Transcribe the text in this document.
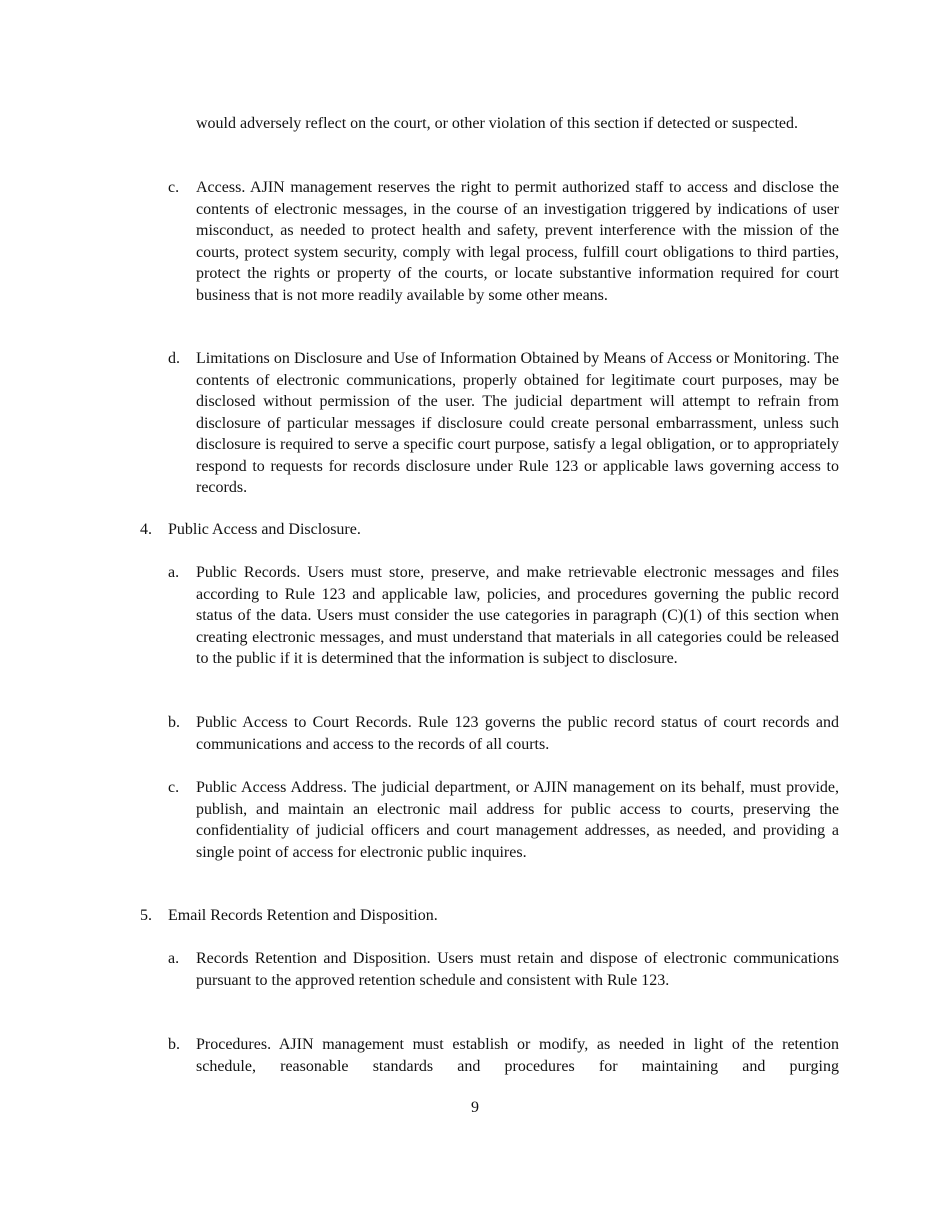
would adversely reflect on the court, or other violation of this section if detected or suspected.

c. Access. AJIN management reserves the right to permit authorized staff to access and disclose the contents of electronic messages, in the course of an investigation triggered by indications of user misconduct, as needed to protect health and safety, prevent interference with the mission of the courts, protect system security, comply with legal process, fulfill court obligations to third parties, protect the rights or property of the courts, or locate substantive information required for court business that is not more readily available by some other means.
d. Limitations on Disclosure and Use of Information Obtained by Means of Access or Monitoring. The contents of electronic communications, properly obtained for legitimate court purposes, may be disclosed without permission of the user. The judicial department will attempt to refrain from disclosure of particular messages if disclosure could create personal embarrassment, unless such disclosure is required to serve a specific court purpose, satisfy a legal obligation, or to appropriately respond to requests for records disclosure under Rule 123 or applicable laws governing access to records.
4. Public Access and Disclosure.
a. Public Records. Users must store, preserve, and make retrievable electronic messages and files according to Rule 123 and applicable law, policies, and procedures governing the public record status of the data. Users must consider the use categories in paragraph (C)(1) of this section when creating electronic messages, and must understand that materials in all categories could be released to the public if it is determined that the information is subject to disclosure.
b. Public Access to Court Records. Rule 123 governs the public record status of court records and communications and access to the records of all courts.
c. Public Access Address. The judicial department, or AJIN management on its behalf, must provide, publish, and maintain an electronic mail address for public access to courts, preserving the confidentiality of judicial officers and court management addresses, as needed, and providing a single point of access for electronic public inquires.
5. Email Records Retention and Disposition.
a. Records Retention and Disposition. Users must retain and dispose of electronic communications pursuant to the approved retention schedule and consistent with Rule 123.
b. Procedures. AJIN management must establish or modify, as needed in light of the retention schedule, reasonable standards and procedures for maintaining and purging
9
